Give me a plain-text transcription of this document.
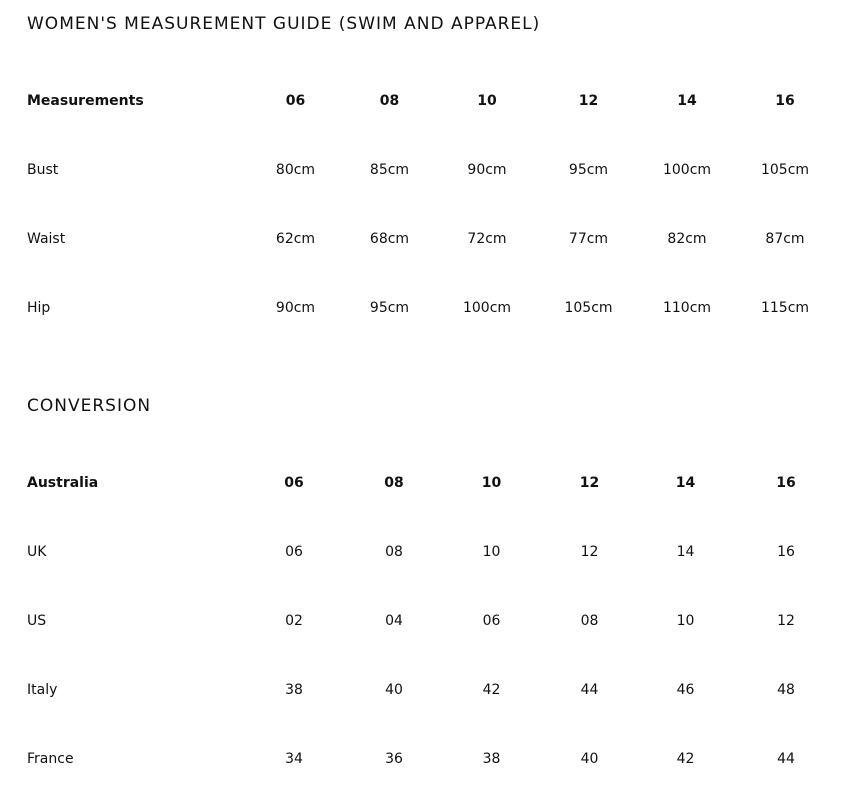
WOMEN'S MEASUREMENT GUIDE (SWIM AND APPAREL)
Measurements	06	08	10	12	14	16
Bust	80cm	85cm	90cm	95cm	100cm	105cm
Waist	62cm	68cm	72cm	77cm	82cm	87cm
Hip	90cm	95cm	100cm	105cm	110cm	115cm
CONVERSION
Australia	06	08	10	12	14	16
UK	06	08	10	12	14	16
US	02	04	06	08	10	12
Italy	38	40	42	44	46	48
France	34	36	38	40	42	44
